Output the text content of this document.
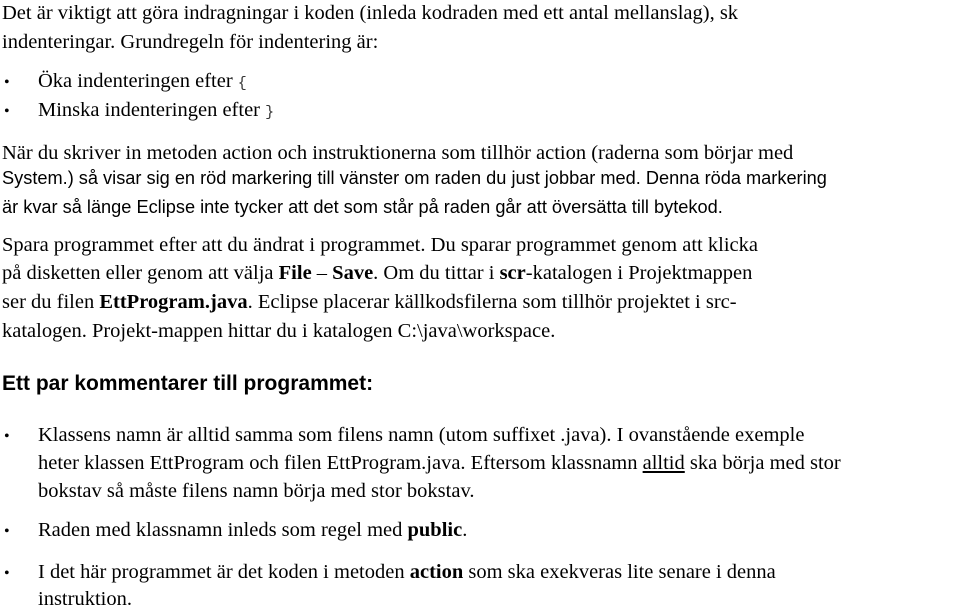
Det är viktigt att göra indragningar i koden (inleda kodraden med ett antal mellanslag), sk
indenteringar. Grundregeln för indentering är:
• Öka indenteringen efter {
• Minska indenteringen efter }
När du skriver in metoden action och instruktionerna som tillhör action (raderna som börjar med
System.) så visar sig en röd markering till vänster om raden du just jobbar med. Denna röda markering
är kvar så länge Eclipse inte tycker att det som står på raden går att översätta till bytekod.
Spara programmet efter att du ändrat i programmet. Du sparar programmet genom att klicka
på disketten eller genom att välja File – Save. Om du tittar i scr-katalogen i Projektmappen
ser du filen EttProgram.java. Eclipse placerar källkodsfilerna som tillhör projektet i src-
katalogen. Projekt-mappen hittar du i katalogen C:\java\workspace.
Ett par kommentarer till programmet:
• Klassens namn är alltid samma som filens namn (utom suffixet .java). I ovanstående exemple
heter klassen EttProgram och filen EttProgram.java. Eftersom klassnamn alltid ska börja med stor
bokstav så måste filens namn börja med stor bokstav.
• Raden med klassnamn inleds som regel med public.
• I det här programmet är det koden i metoden action som ska exekveras lite senare i denna
instruktion.
